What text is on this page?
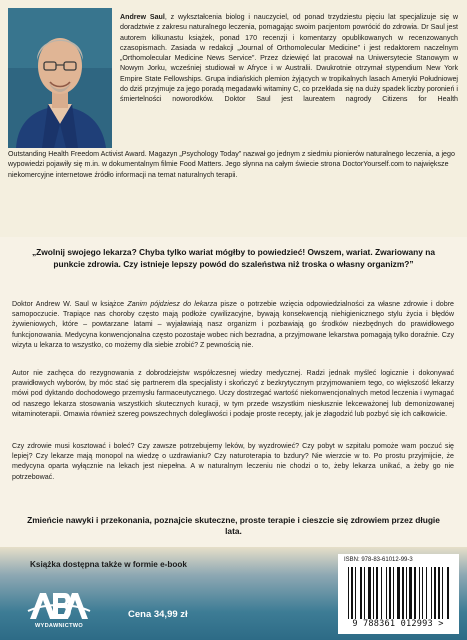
Andrew Saul, z wykształcenia biolog i nauczyciel, od ponad trzydziestu pięciu lat specjalizuje się w doradztwie z zakresu naturalnego leczenia, pomagając swoim pacjentom powrócić do zdrowia. Dr Saul jest autorem kilkunastu książek, ponad 170 recenzji i komentarzy opublikowanych w recenzowanych czasopismach. Zasiada w redakcji „Journal of Orthomolecular Medicine” i jest redaktorem naczelnym „Orthomolecular Medicine News Service”. Przez dziewięć lat pracował na Uniwersytecie Stanowym w Nowym Jorku, wcześniej studiował w Afryce i w Australii. Dwukrotnie otrzymał stypendium New York Empire State Fellowships. Grupa indiańskich plemion żyjących w tropikalnych lasach Ameryki Południowej do dziś przyjmuje za jego poradą megadawki witaminy C, co przekłada się na duży spadek liczby poronień i śmiertelności noworodków. Doktor Saul jest laureatem nagrody Citizens for Health

Outstanding Health Freedom Activist Award. Magazyn „Psychology Today” nazwał go jednym z siedmiu pionierów naturalnego leczenia, a jego wypowiedzi pojawiły się m.in. w dokumentalnym filmie Food Matters. Jego słynna na całym świecie strona DoctorYourself.com to największe niekomercyjne internetowe źródło informacji na temat naturalnych terapii.

„Zwolnij swojego lekarza? Chyba tylko wariat mógłby to powiedzieć! Owszem, wariat. Zwariowany na punkcie zdrowia. Czy istnieje lepszy powód do szaleństwa niż troska o własny organizm?”

Doktor Andrew W. Saul w książce Zanim pójdziesz do lekarza pisze o potrzebie wzięcia odpowiedzialności za własne zdrowie i dobre samopoczucie. Trapiące nas choroby często mają podłoże cywilizacyjne, bywają konsekwencją niehigienicznego stylu życia i błędów żywieniowych, które – powtarzane latami – wyjaławiają nasz organizm i pozbawiają go środków niezbędnych do prawidłowego funkcjonowania. Medycyna konwencjonalna często pozostaje wobec nich bezradna, a przyjmowane lekarstwa pomagają tylko doraźnie. Czy wizyta u lekarza to wszystko, co możemy dla siebie zrobić? Z pewnością nie.

Autor nie zachęca do rezygnowania z dobrodziejstw współczesnej wiedzy medycznej. Radzi jednak myśleć logicznie i dokonywać prawidłowych wyborów, by móc stać się partnerem dla specjalisty i skończyć z bezkrytycznym przyjmowaniem tego, co większość lekarzy mówi pod dyktando dochodowego przemysłu farmaceutycznego. Uczy dostrzegać wartość niekonwencjonalnych metod leczenia i wymagać od naszego lekarza stosowania wszystkich skutecznych kuracji, w tym przede wszystkim niesłusznie lekceważonej lub demonizowanej witaminoterapii. Omawia również szereg powszechnych dolegliwości i podaje proste recepty, jak je złagodzić lub pozbyć się ich całkowicie.

Czy zdrowie musi kosztować i boleć? Czy zawsze potrzebujemy leków, by wyzdrowieć? Czy pobyt w szpitalu pomoże wam poczuć się lepiej? Czy lekarze mają monopol na wiedzę o uzdrawianiu? Czy naturoterapia to bzdury? Nie wierzcie w to. Po prostu przyjmijcie, że medycyna oparta wyłącznie na lekach jest niepełna. A w naturalnym leczeniu nie chodzi o to, żeby lekarza unikać, a żeby go nie potrzebować.

Zmieńcie nawyki i przekonania, poznajcie skuteczne, proste terapie i cieszcie się zdrowiem przez długie lata.

Książka dostępna także w formie e-book
WYDAWNICTWO
Cena 34,99 zł
ISBN: 978-83-61012-99-3
9 788361 012993 >
